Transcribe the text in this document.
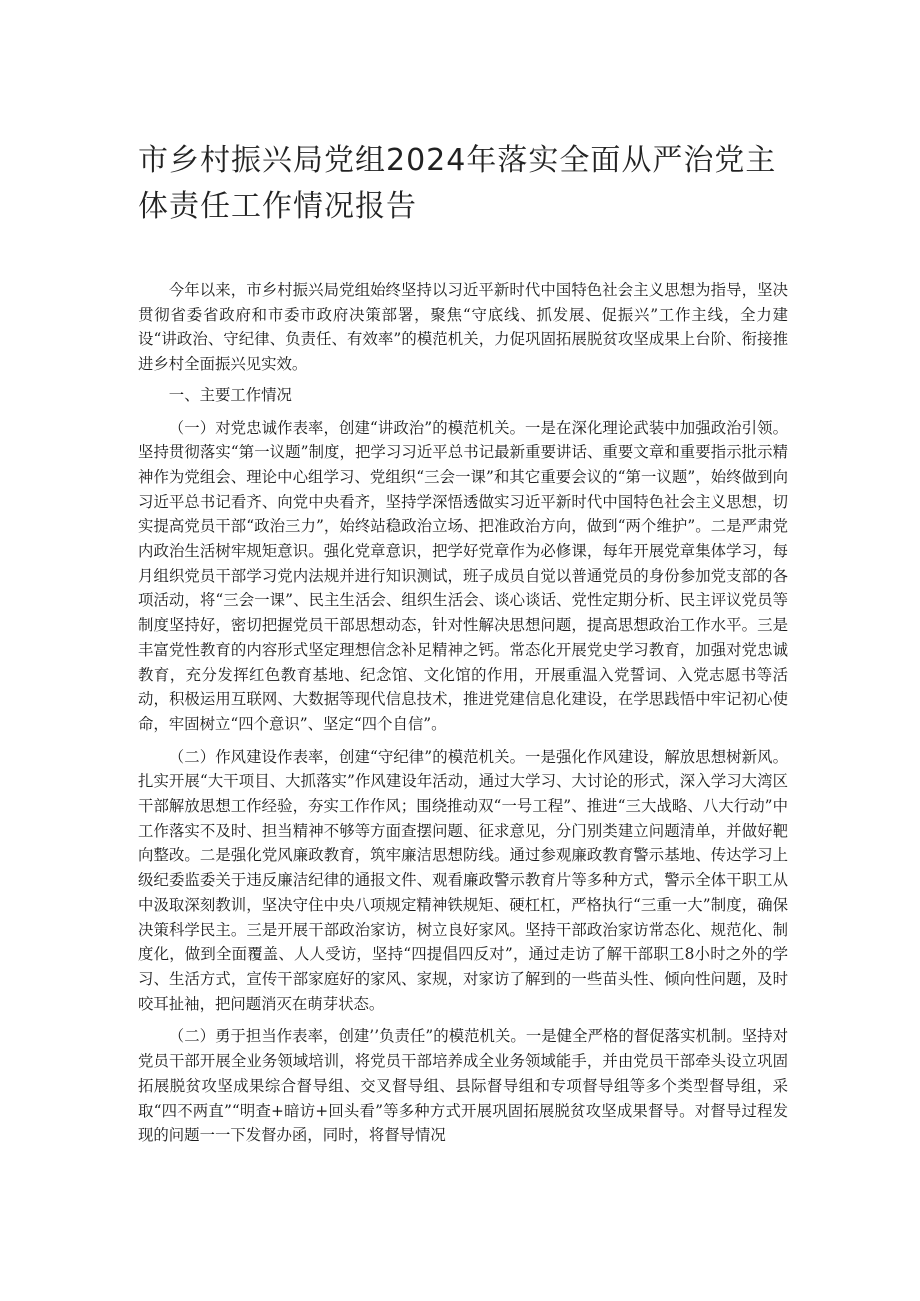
市乡村振兴局党组2024年落实全面从严治党主体责任工作情况报告

今年以来，市乡村振兴局党组始终坚持以习近平新时代中国特色社会主义思想为指导，坚决贯彻省委省政府和市委市政府决策部署，聚焦“守底线、抓发展、促振兴”工作主线，全力建设“讲政治、守纪律、负责任、有效率”的模范机关，力促巩固拓展脱贫攻坚成果上台阶、衔接推进乡村全面振兴见实效。

一、主要工作情况

（一）对党忠诚作表率，创建“讲政治”的模范机关。一是在深化理论武装中加强政治引领。坚持贯彻落实“第一议题”制度，把学习习近平总书记最新重要讲话、重要文章和重要指示批示精神作为党组会、理论中心组学习、党组织“三会一课”和其它重要会议的“第一议题”，始终做到向习近平总书记看齐、向党中央看齐，坚持学深悟透做实习近平新时代中国特色社会主义思想，切实提高党员干部“政治三力”，始终站稳政治立场、把准政治方向，做到“两个维护”。二是严肃党内政治生活树牢规矩意识。强化党章意识，把学好党章作为必修课，每年开展党章集体学习，每月组织党员干部学习党内法规并进行知识测试，班子成员自觉以普通党员的身份参加党支部的各项活动，将“三会一课”、民主生活会、组织生活会、谈心谈话、党性定期分析、民主评议党员等制度坚持好，密切把握党员干部思想动态，针对性解决思想问题，提高思想政治工作水平。三是丰富党性教育的内容形式坚定理想信念补足精神之钙。常态化开展党史学习教育，加强对党忠诚教育，充分发挥红色教育基地、纪念馆、文化馆的作用，开展重温入党誓词、入党志愿书等活动，积极运用互联网、大数据等现代信息技术，推进党建信息化建设，在学思践悟中牢记初心使命，牢固树立“四个意识”、坚定“四个自信”。

（二）作风建设作表率，创建“守纪律”的模范机关。一是强化作风建设，解放思想树新风。扎实开展“大干项目、大抓落实”作风建设年活动，通过大学习、大讨论的形式，深入学习大湾区干部解放思想工作经验，夯实工作作风；围绕推动双“一号工程”、推进“三大战略、八大行动”中工作落实不及时、担当精神不够等方面查摆问题、征求意见，分门别类建立问题清单，并做好靶向整改。二是强化党风廉政教育，筑牢廉洁思想防线。通过参观廉政教育警示基地、传达学习上级纪委监委关于违反廉洁纪律的通报文件、观看廉政警示教育片等多种方式，警示全体干职工从中汲取深刻教训，坚决守住中央八项规定精神铁规矩、硬杠杠，严格执行“三重一大”制度，确保决策科学民主。三是开展干部政治家访，树立良好家风。坚持干部政治家访常态化、规范化、制度化，做到全面覆盖、人人受访，坚持“四提倡四反对”，通过走访了解干部职工8小时之外的学习、生活方式，宣传干部家庭好的家风、家规，对家访了解到的一些苗头性、倾向性问题，及时咬耳扯袖，把问题消灭在萌芽状态。

（二）勇于担当作表率，创建’’负责任”的模范机关。一是健全严格的督促落实机制。坚持对党员干部开展全业务领域培训，将党员干部培养成全业务领域能手，并由党员干部牵头设立巩固拓展脱贫攻坚成果综合督导组、交叉督导组、县际督导组和专项督导组等多个类型督导组，采取“四不两直”“明查+暗访+回头看”等多种方式开展巩固拓展脱贫攻坚成果督导。对督导过程发现的问题一一下发督办函，同时，将督导情况
